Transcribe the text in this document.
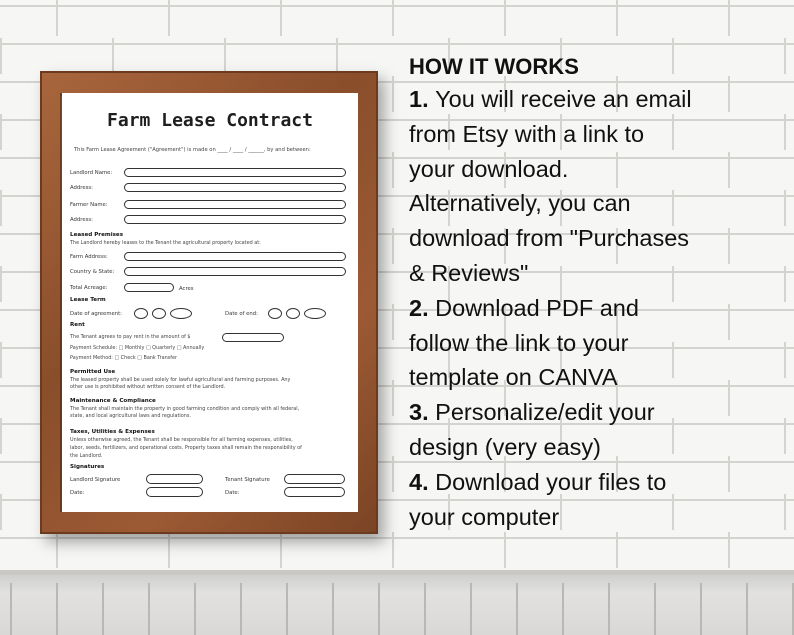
Farm Lease Contract
This Farm Lease Agreement ("Agreement") is made on ____ / ____ / ______, by and between:
Landlord Name:
Address:
Farmer Name:
Address:
Leased Premises
The Landlord hereby leases to the Tenant the agricultural property located at:
Farm Address:
Country & State:
Total Acreage:	Acres
Lease Term
Date of agreement:	Date of end:
Rent
The Tenant agrees to pay rent in the amount of $
Payment Schedule: □ Monthly □ Quarterly □ Annually
Payment Method: □ Check □ Bank Transfer
Permitted Use
The leased property shall be used solely for lawful agricultural and farming purposes. Any
other use is prohibited without written consent of the Landlord.
Maintenance & Compliance
The Tenant shall maintain the property in good farming condition and comply with all federal,
state, and local agricultural laws and regulations.
Taxes, Utilities & Expenses
Unless otherwise agreed, the Tenant shall be responsible for all farming expenses, utilities,
labor, seeds, fertilizers, and operational costs. Property taxes shall remain the responsibility of
the Landlord.
Signatures
Landlord Signature	Tenant Signature
Date:	Date:
HOW IT WORKS
1. You will receive an email
from Etsy with a link to
your download.
Alternatively, you can
download from "Purchases
& Reviews"
2. Download PDF and
follow the link to your
template on CANVA
3. Personalize/edit your
design (very easy)
4. Download your files to
your computer
